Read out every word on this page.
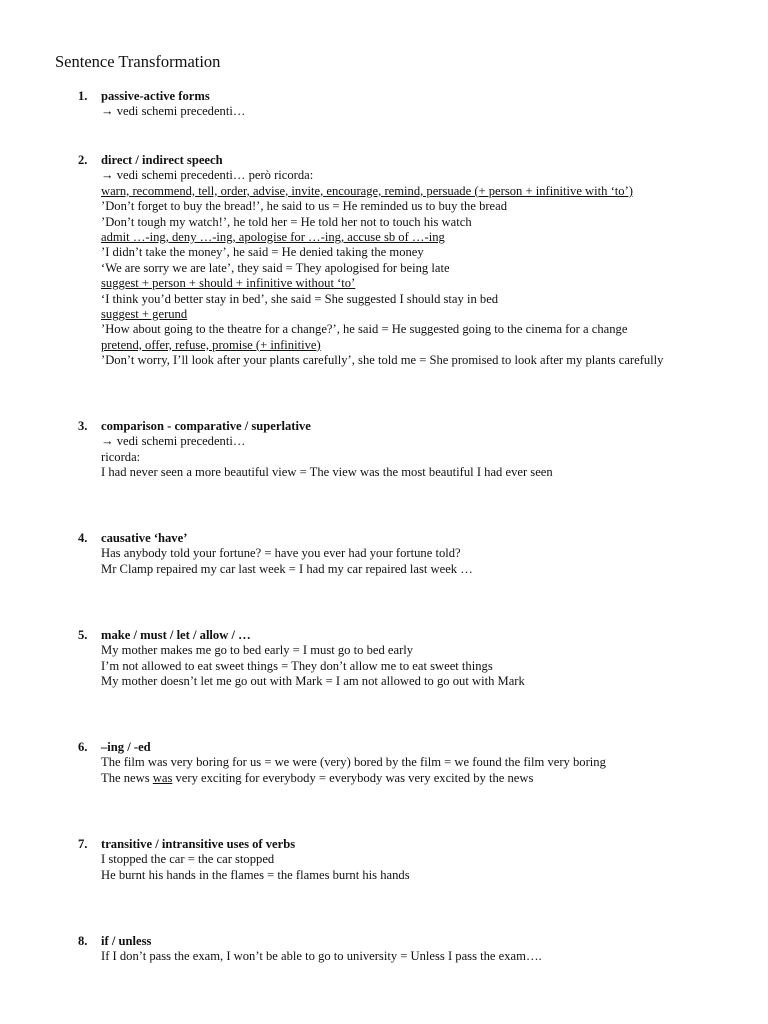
Sentence Transformation
1. passive-active forms
→ vedi schemi precedenti…
2. direct / indirect speech
→ vedi schemi precedenti… però ricorda:
warn, recommend, tell, order, advise, invite, encourage, remind, persuade (+ person + infinitive with ‘to’)
’Don’t forget to buy the bread!’, he said to us = He reminded us to buy the bread
’Don’t tough my watch!’, he told her = He told her not to touch his watch
admit …-ing, deny …-ing, apologise for …-ing, accuse sb of …-ing
’I didn’t take the money’, he said = He denied taking the money
‘We are sorry we are late’, they said = They apologised for being late
suggest + person + should + infinitive without ‘to’
‘I think you’d better stay in bed’, she said = She suggested I should stay in bed
suggest + gerund
’How about going to the theatre for a change?’, he said = He suggested going to the cinema for a change
pretend, offer, refuse, promise (+ infinitive)
’Don’t worry, I’ll look after your plants carefully’, she told me = She promised to look after my plants carefully
3. comparison - comparative / superlative
→ vedi schemi precedenti…
ricorda:
I had never seen a more beautiful view = The view was the most beautiful I had ever seen
4. causative ‘have’
Has anybody told your fortune? = have you ever had your fortune told?
Mr Clamp repaired my car last week = I had my car repaired last week …
5. make / must / let / allow / …
My mother makes me go to bed early = I must go to bed early
I’m not allowed to eat sweet things = They don’t allow me to eat sweet things
My mother doesn’t let me go out with Mark = I am not allowed to go out with Mark
6. –ing / -ed
The film was very boring for us = we were (very) bored by the film = we found the film very boring
The news was very exciting for everybody = everybody was very excited by the news
7. transitive / intransitive uses of verbs
I stopped the car = the car stopped
He burnt his hands in the flames = the flames burnt his hands
8. if / unless
If I don’t pass the exam, I won’t be able to go to university = Unless I pass the exam….
